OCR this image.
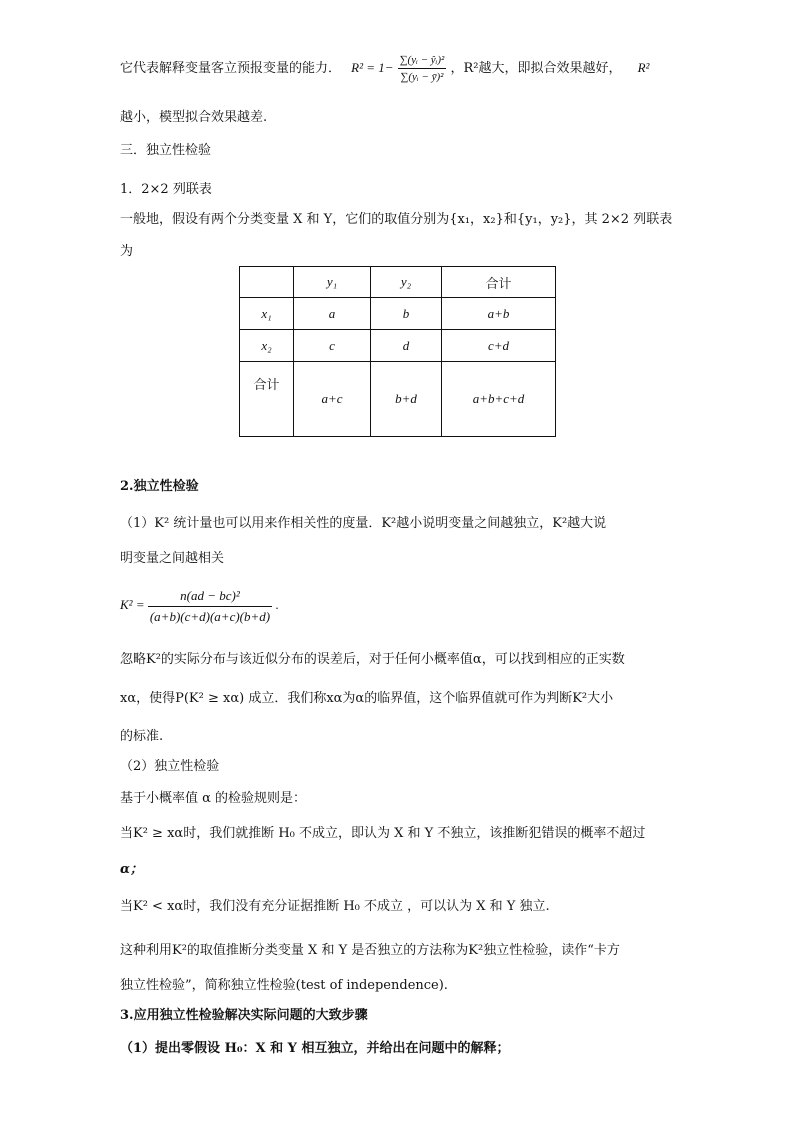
它代表解释变量客立预报变量的能力． $R^2 = 1- \frac{\text{∑(yᵢ − ŷᵢ)²}}{\text{∑(yᵢ − ȳ)²}}$ ，R²越大，即拟合效果越好， R²
越小，模型拟合效果越差.
三．独立性检验
1．2×2 列联表
一般地，假设有两个分类变量 X 和 Y，它们的取值分别为{x₁，x₂}和{y₁，y₂}，其 2×2 列联表
为
	y₁	y₂	合计
x₁	a	b	a+b
x₂	c	d	c+d
合计	a+c	b+d	a+b+c+d
2.独立性检验
（1）K² 统计量也可以用来作相关性的度量．K²越小说明变量之间越独立，K²越大说
明变量之间越相关
$K^2 = \frac{\text{n(ad − bc)²}}{(a+b)(c+d)(a+c)(b+d)}$ .
忽略K²的实际分布与该近似分布的误差后，对于任何小概率值α，可以找到相应的正实数
xα，使得P(K² ≥ xα) 成立．我们称xα为α的临界值，这个临界值就可作为判断K²大小
的标准.
（2）独立性检验
基于小概率值 α 的检验规则是：
当K² ≥ xα时，我们就推断 H₀ 不成立，即认为 X 和 Y 不独立，该推断犯错误的概率不超过
α；
当K² < xα时，我们没有充分证据推断 H₀ 不成立 ，可以认为 X 和 Y 独立.
这种利用K²的取值推断分类变量 X 和 Y 是否独立的方法称为K²独立性检验，读作“卡方
独立性检验”，简称独立性检验(test of independence).
3.应用独立性检验解决实际问题的大致步骤
（1）提出零假设 H₀：X 和 Y 相互独立，并给出在问题中的解释；
